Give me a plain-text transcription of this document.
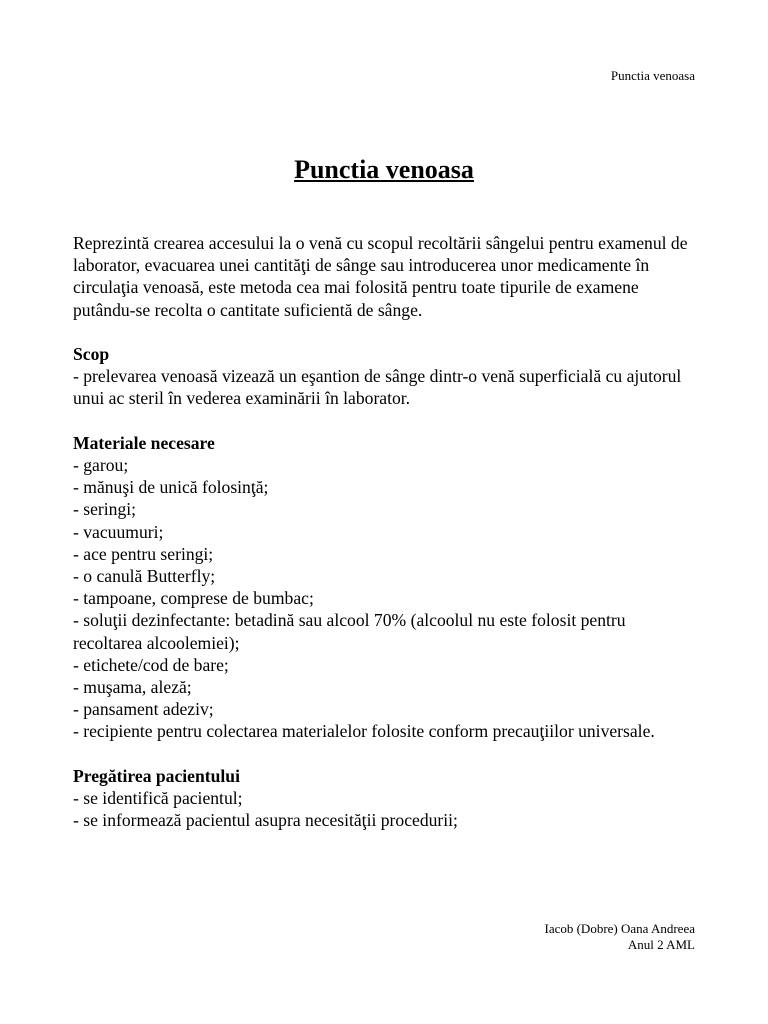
Punctia venoasa
Punctia venoasa

Reprezintă crearea accesului la o venă cu scopul recoltării sângelui pentru examenul de laborator, evacuarea unei cantităţi de sânge sau introducerea unor medicamente în circulaţia venoasă, este metoda cea mai folosită pentru toate tipurile de examene putându-se recolta o cantitate suficientă de sânge.

Scop

- prelevarea venoasă vizează un eşantion de sânge dintr-o venă superficială cu ajutorul unui ac steril în vederea examinării în laborator.

Materiale necesare

- garou;
- mănuşi de unică folosinţă;
- seringi;
- vacuumuri;
- ace pentru seringi;
- o canulă Butterfly;
- tampoane, comprese de bumbac;
- soluţii dezinfectante: betadină sau alcool 70% (alcoolul nu este folosit pentru recoltarea alcoolemiei);
- etichete/cod de bare;
- muşama, aleză;
- pansament adeziv;
- recipiente pentru colectarea materialelor folosite conform precauţiilor universale.

Pregătirea pacientului

- se identifică pacientul;
- se informează pacientul asupra necesităţii procedurii;
Iacob (Dobre) Oana Andreea
Anul 2 AML
